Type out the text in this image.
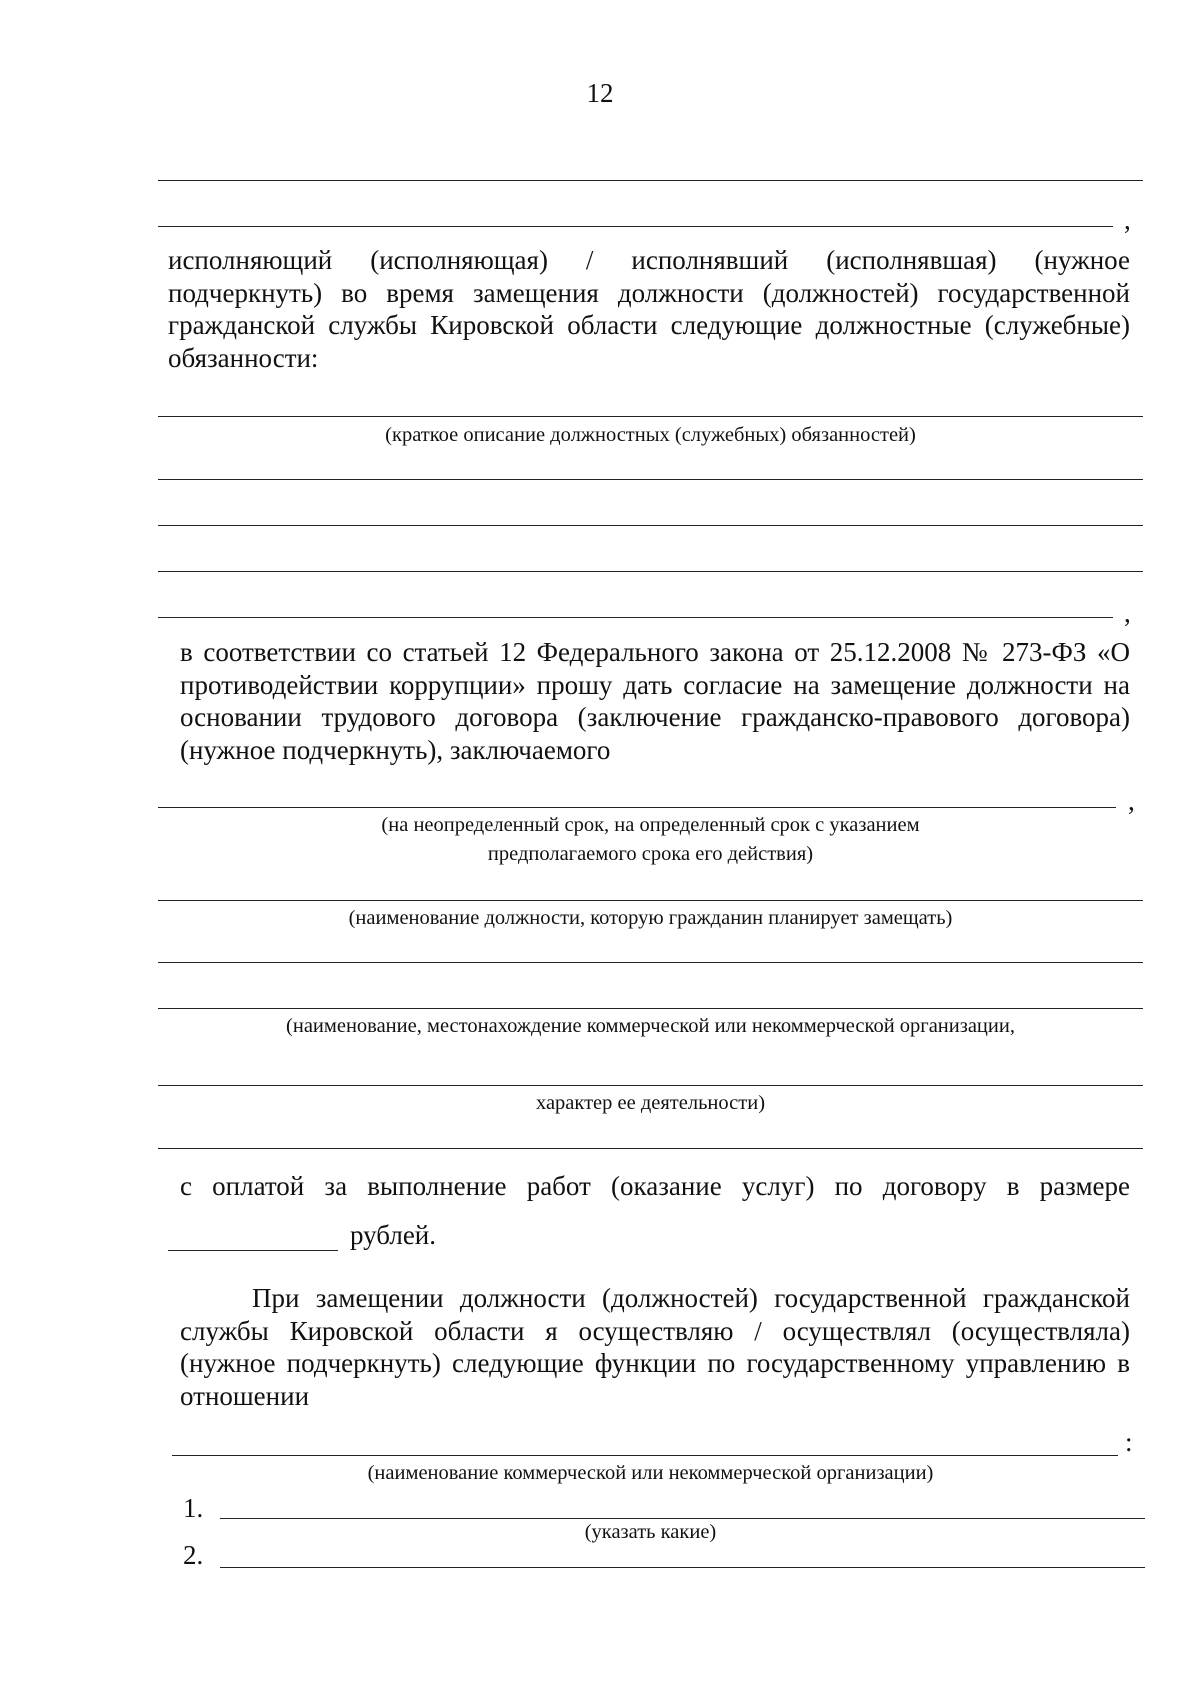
12
,
исполняющий (исполняющая) / исполнявший (исполнявшая) (нужное подчеркнуть) во время замещения должности (должностей) государственной гражданской службы Кировской области следующие должностные (служебные) обязанности:
(краткое описание должностных (служебных) обязанностей)
,
в соответствии со статьей 12 Федерального закона от 25.12.2008 № 273-ФЗ «О противодействии коррупции» прошу дать согласие на замещение должности на основании трудового договора (заключение гражданско-правового договора) (нужное подчеркнуть), заключаемого
,
(на неопределенный срок, на определенный срок с указанием
предполагаемого срока его действия)
(наименование должности, которую гражданин планирует замещать)
(наименование, местонахождение коммерческой или некоммерческой организации,
характер ее деятельности)
с оплатой за выполнение работ (оказание услуг) по договору в размере
рублей.
При замещении должности (должностей) государственной гражданской службы Кировской области я осуществляю / осуществлял (осуществляла) (нужное подчеркнуть) следующие функции по государственному управлению в отношении
:
(наименование коммерческой или некоммерческой организации)
1.
(указать какие)
2.
